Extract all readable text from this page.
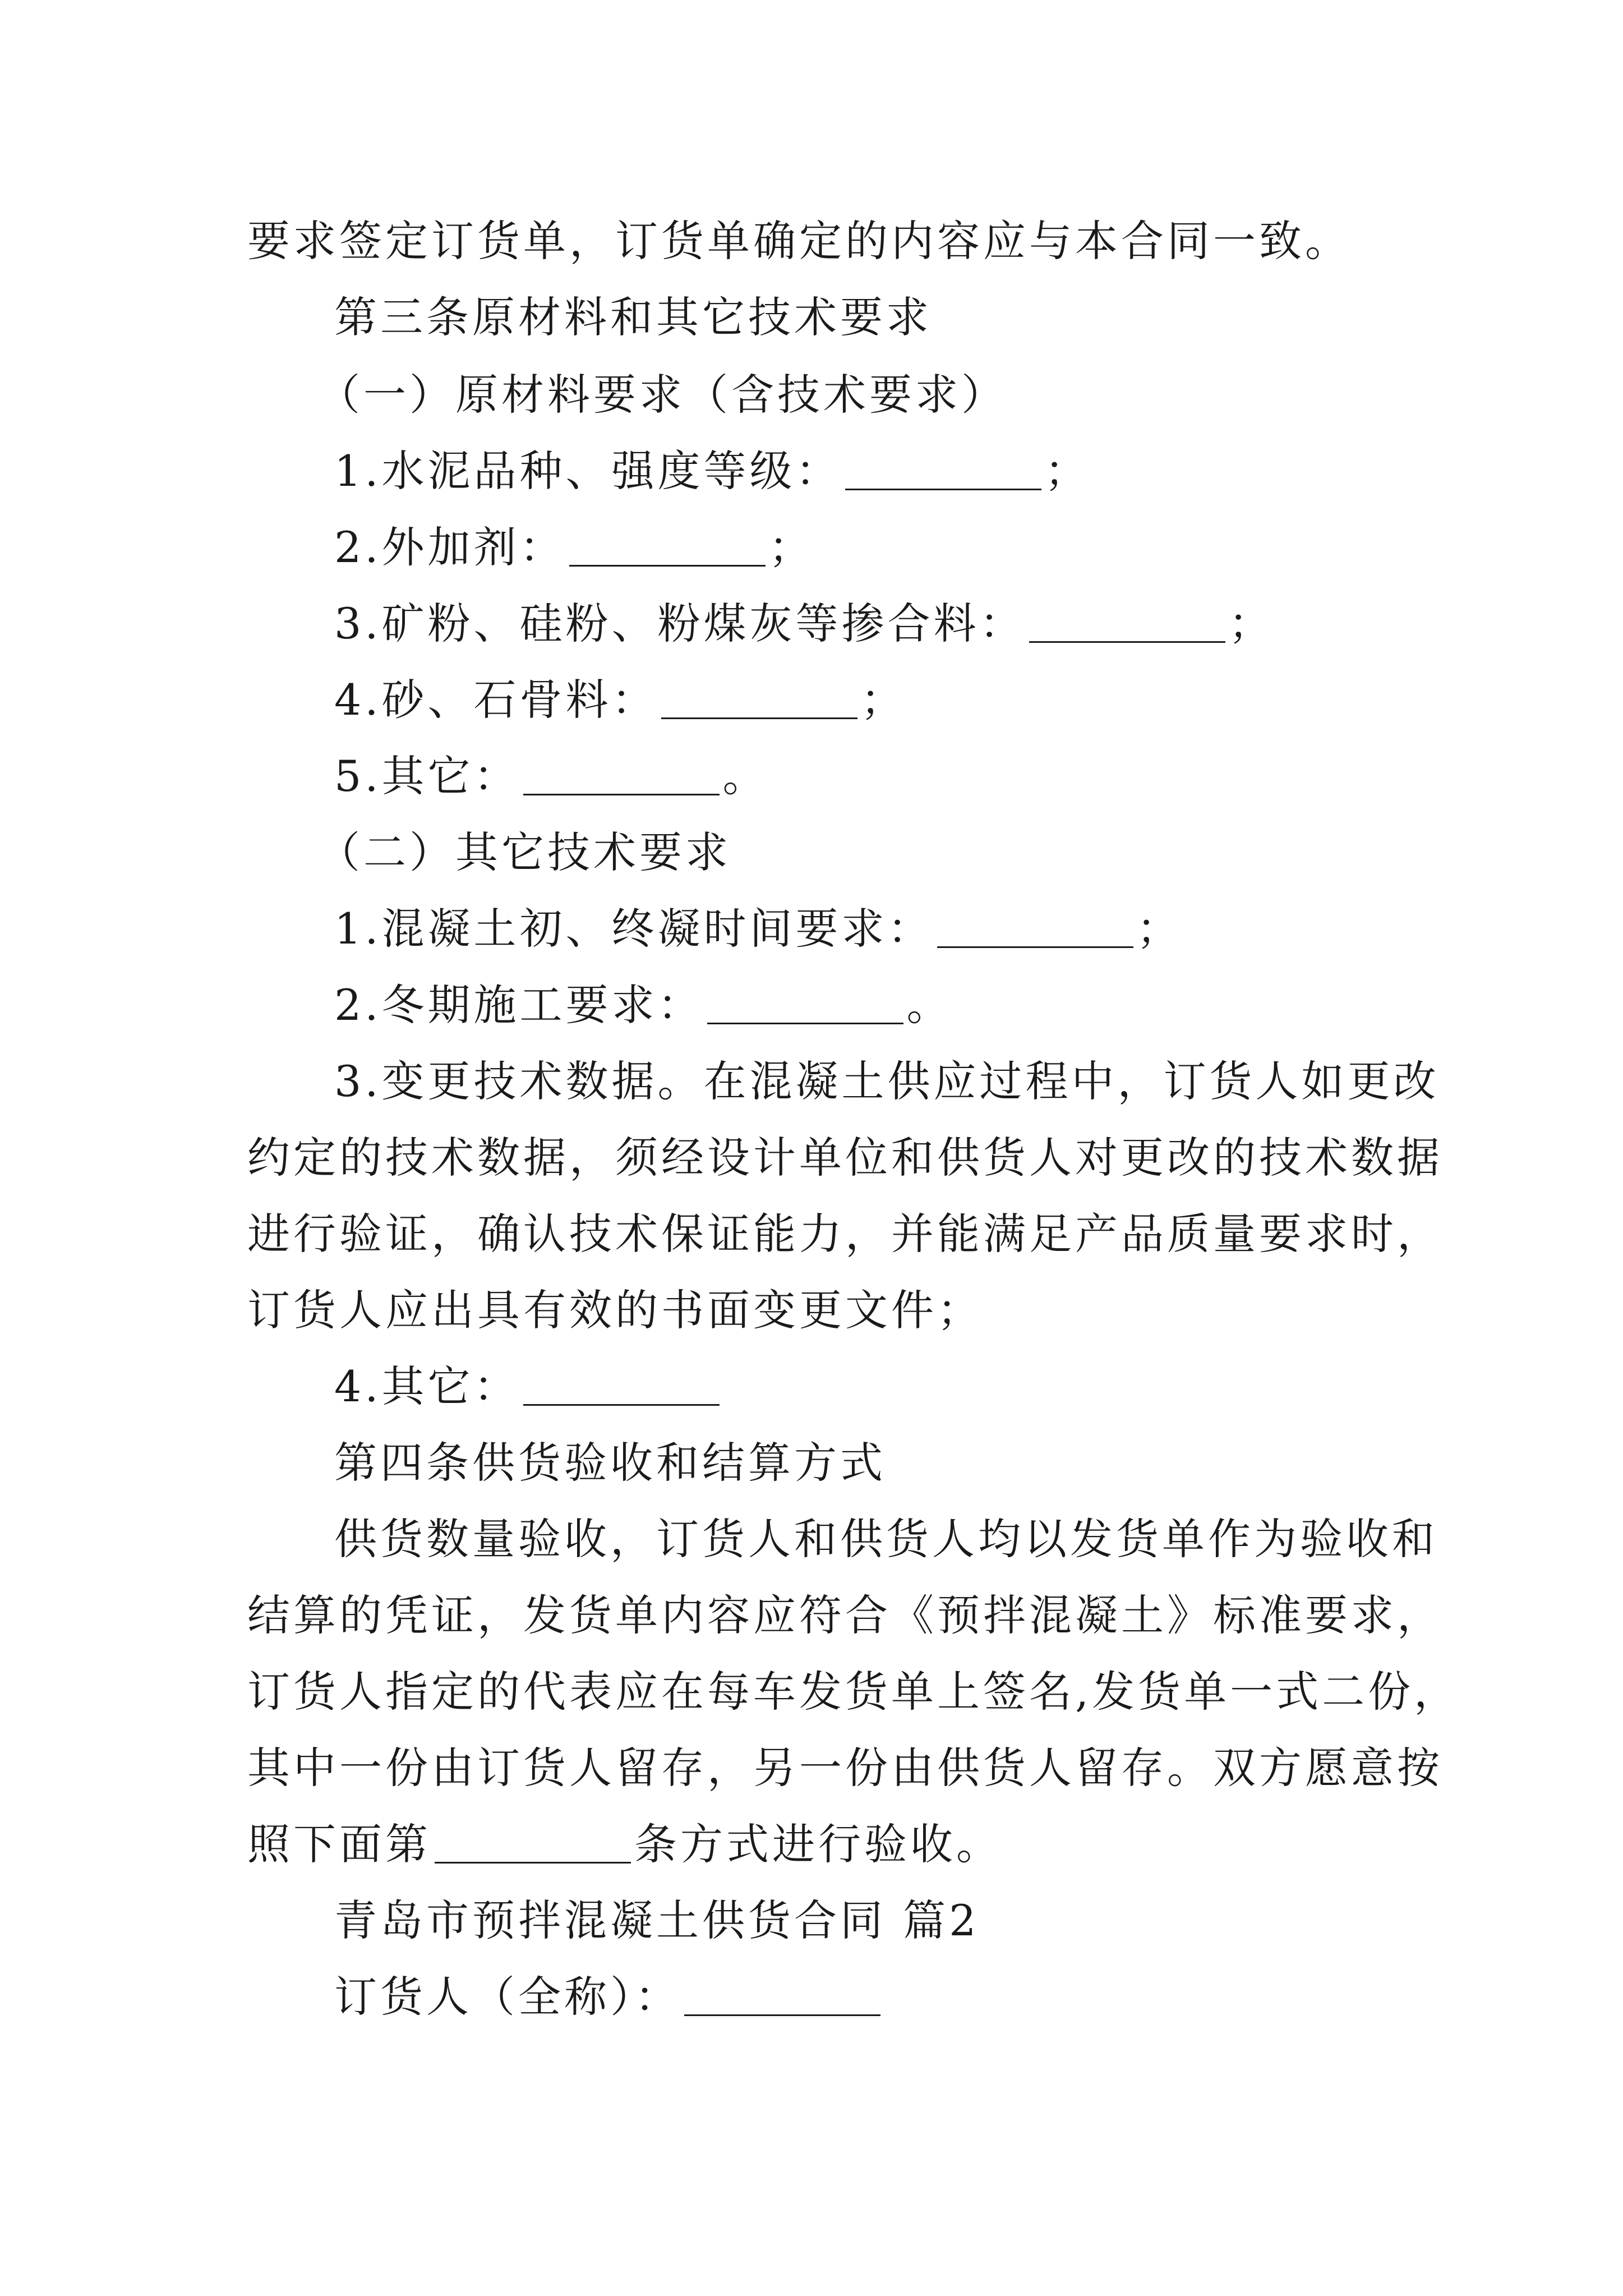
要求签定订货单，订货单确定的内容应与本合同一致。
第三条原材料和其它技术要求
（一）原材料要求（含技术要求）
1.水泥品种、强度等级：	；
2.外加剂：	；
3.矿粉、硅粉、粉煤灰等掺合料：	；
4.砂、石骨料：	；
5.其它：	。
（二）其它技术要求
1.混凝土初、终凝时间要求：	；
2.冬期施工要求：	。
3.变更技术数据。在混凝土供应过程中，订货人如更改
约定的技术数据，须经设计单位和供货人对更改的技术数据
进行验证，确认技术保证能力，并能满足产品质量要求时，
订货人应出具有效的书面变更文件；
4.其它：
第四条供货验收和结算方式
供货数量验收，订货人和供货人均以发货单作为验收和
结算的凭证，发货单内容应符合《预拌混凝土》标准要求，
订货人指定的代表应在每车发货单上签名,发货单一式二份，
其中一份由订货人留存，另一份由供货人留存。双方愿意按
照下面第	条方式进行验收。
青岛市预拌混凝土供货合同 篇2
订货人（全称）：
